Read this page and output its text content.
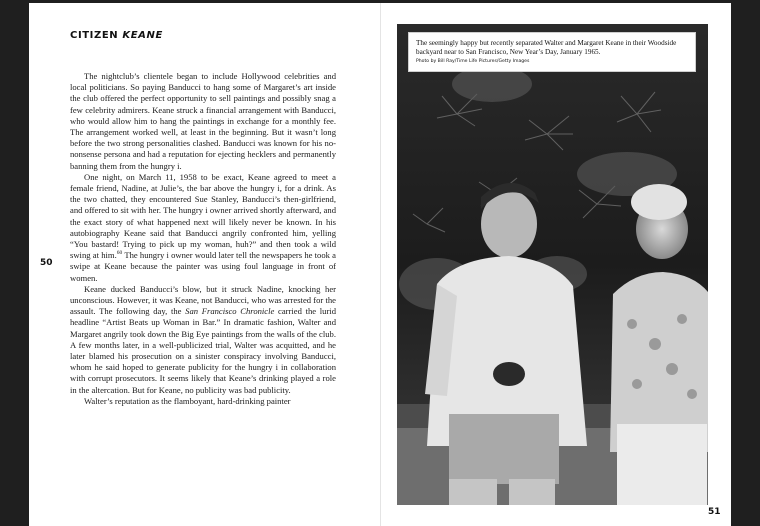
CITIZEN KEANE
50

The nightclub’s clientele began to include Hollywood celebrities and local politicians. So paying Banducci to hang some of Margaret’s art inside the club offered the perfect opportunity to sell paintings and possibly snag a few celebrity admirers. Keane struck a financial arrangement with Banducci, who would allow him to hang the paintings in exchange for a monthly fee. The arrangement worked well, at least in the beginning. But it wasn’t long before the two strong personalities clashed. Banducci was known for his no-nonsense persona and had a reputation for ejecting hecklers and permanently banning them from the hungry i.

One night, on March 11, 1958 to be exact, Keane agreed to meet a female friend, Nadine, at Julie’s, the bar above the hungry i, for a drink. As the two chatted, they encountered Sue Stanley, Banducci’s then-girlfriend, and offered to sit with her. The hungry i owner arrived shortly afterward, and the exact story of what happened next will likely never be known. In his autobiography Keane said that Banducci angrily confronted him, yelling “You bastard! Trying to pick up my woman, huh?” and then took a wild swing at him.$^{60}$ The hungry i owner would later tell the newspapers he took a swipe at Keane because the painter was using foul language in front of women.

Keane ducked Banducci’s blow, but it struck Nadine, knocking her unconscious. However, it was Keane, not Banducci, who was arrested for the assault. The following day, the San Francisco Chronicle carried the lurid headline “Artist Beats up Woman in Bar.” In dramatic fashion, Walter and Margaret angrily took down the Big Eye paintings from the walls of the club. A few months later, in a well-publicized trial, Walter was acquitted, and he later blamed his prosecution on a sinister conspiracy involving Banducci, whom he said hoped to generate publicity for the hungry i in collaboration with corrupt prosecutors. It seems likely that Keane’s drinking played a role in the altercation. But for Keane, no publicity was bad publicity.

Walter’s reputation as the flamboyant, hard-drinking painter

The seemingly happy but recently separated Walter and Margaret Keane in their Woodside backyard near to San Francisco, New Year’s Day, January 1965.
Photo by Bill Ray/Time Life Pictures/Getty Images
51
